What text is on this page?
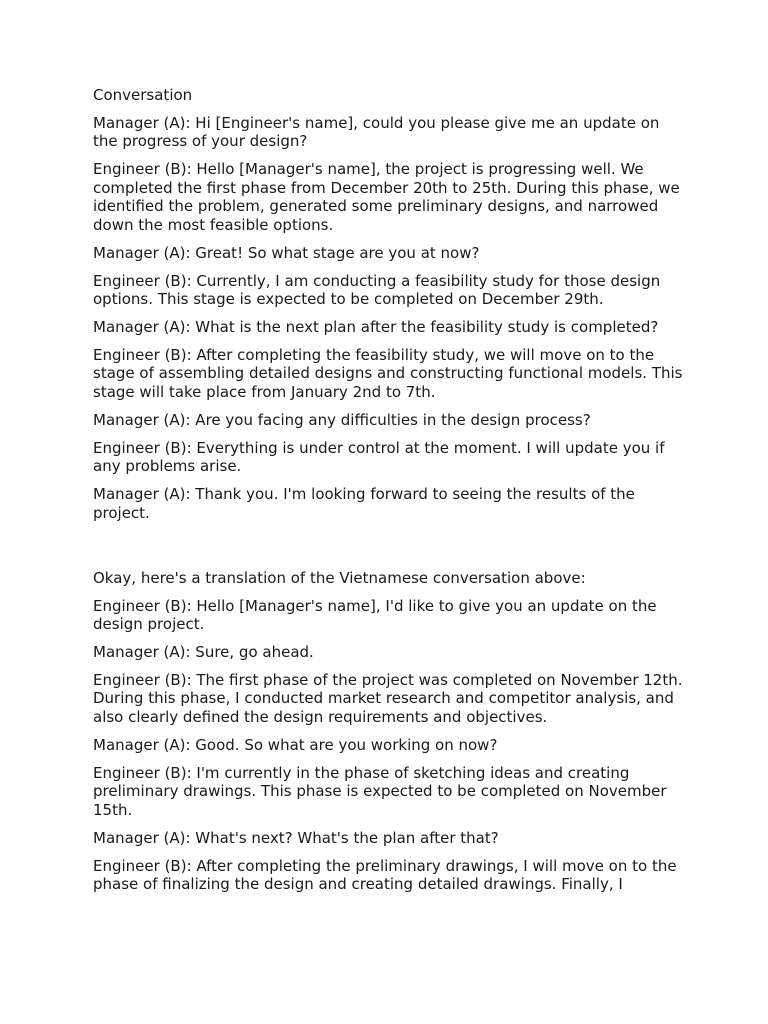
Conversation

Manager (A): Hi [Engineer's name], could you please give me an update on the progress of your design?

Engineer (B): Hello [Manager's name], the project is progressing well. We completed the first phase from December 20th to 25th. During this phase, we identified the problem, generated some preliminary designs, and narrowed down the most feasible options.

Manager (A): Great! So what stage are you at now?

Engineer (B): Currently, I am conducting a feasibility study for those design options. This stage is expected to be completed on December 29th.

Manager (A): What is the next plan after the feasibility study is completed?

Engineer (B): After completing the feasibility study, we will move on to the stage of assembling detailed designs and constructing functional models. This stage will take place from January 2nd to 7th.

Manager (A): Are you facing any difficulties in the design process?

Engineer (B): Everything is under control at the moment. I will update you if any problems arise.

Manager (A): Thank you. I'm looking forward to seeing the results of the project.

Okay, here's a translation of the Vietnamese conversation above:

Engineer (B): Hello [Manager's name], I'd like to give you an update on the design project.

Manager (A): Sure, go ahead.

Engineer (B): The first phase of the project was completed on November 12th. During this phase, I conducted market research and competitor analysis, and also clearly defined the design requirements and objectives.

Manager (A): Good. So what are you working on now?

Engineer (B): I'm currently in the phase of sketching ideas and creating preliminary drawings. This phase is expected to be completed on November 15th.

Manager (A): What's next? What's the plan after that?

Engineer (B): After completing the preliminary drawings, I will move on to the phase of finalizing the design and creating detailed drawings. Finally, I
